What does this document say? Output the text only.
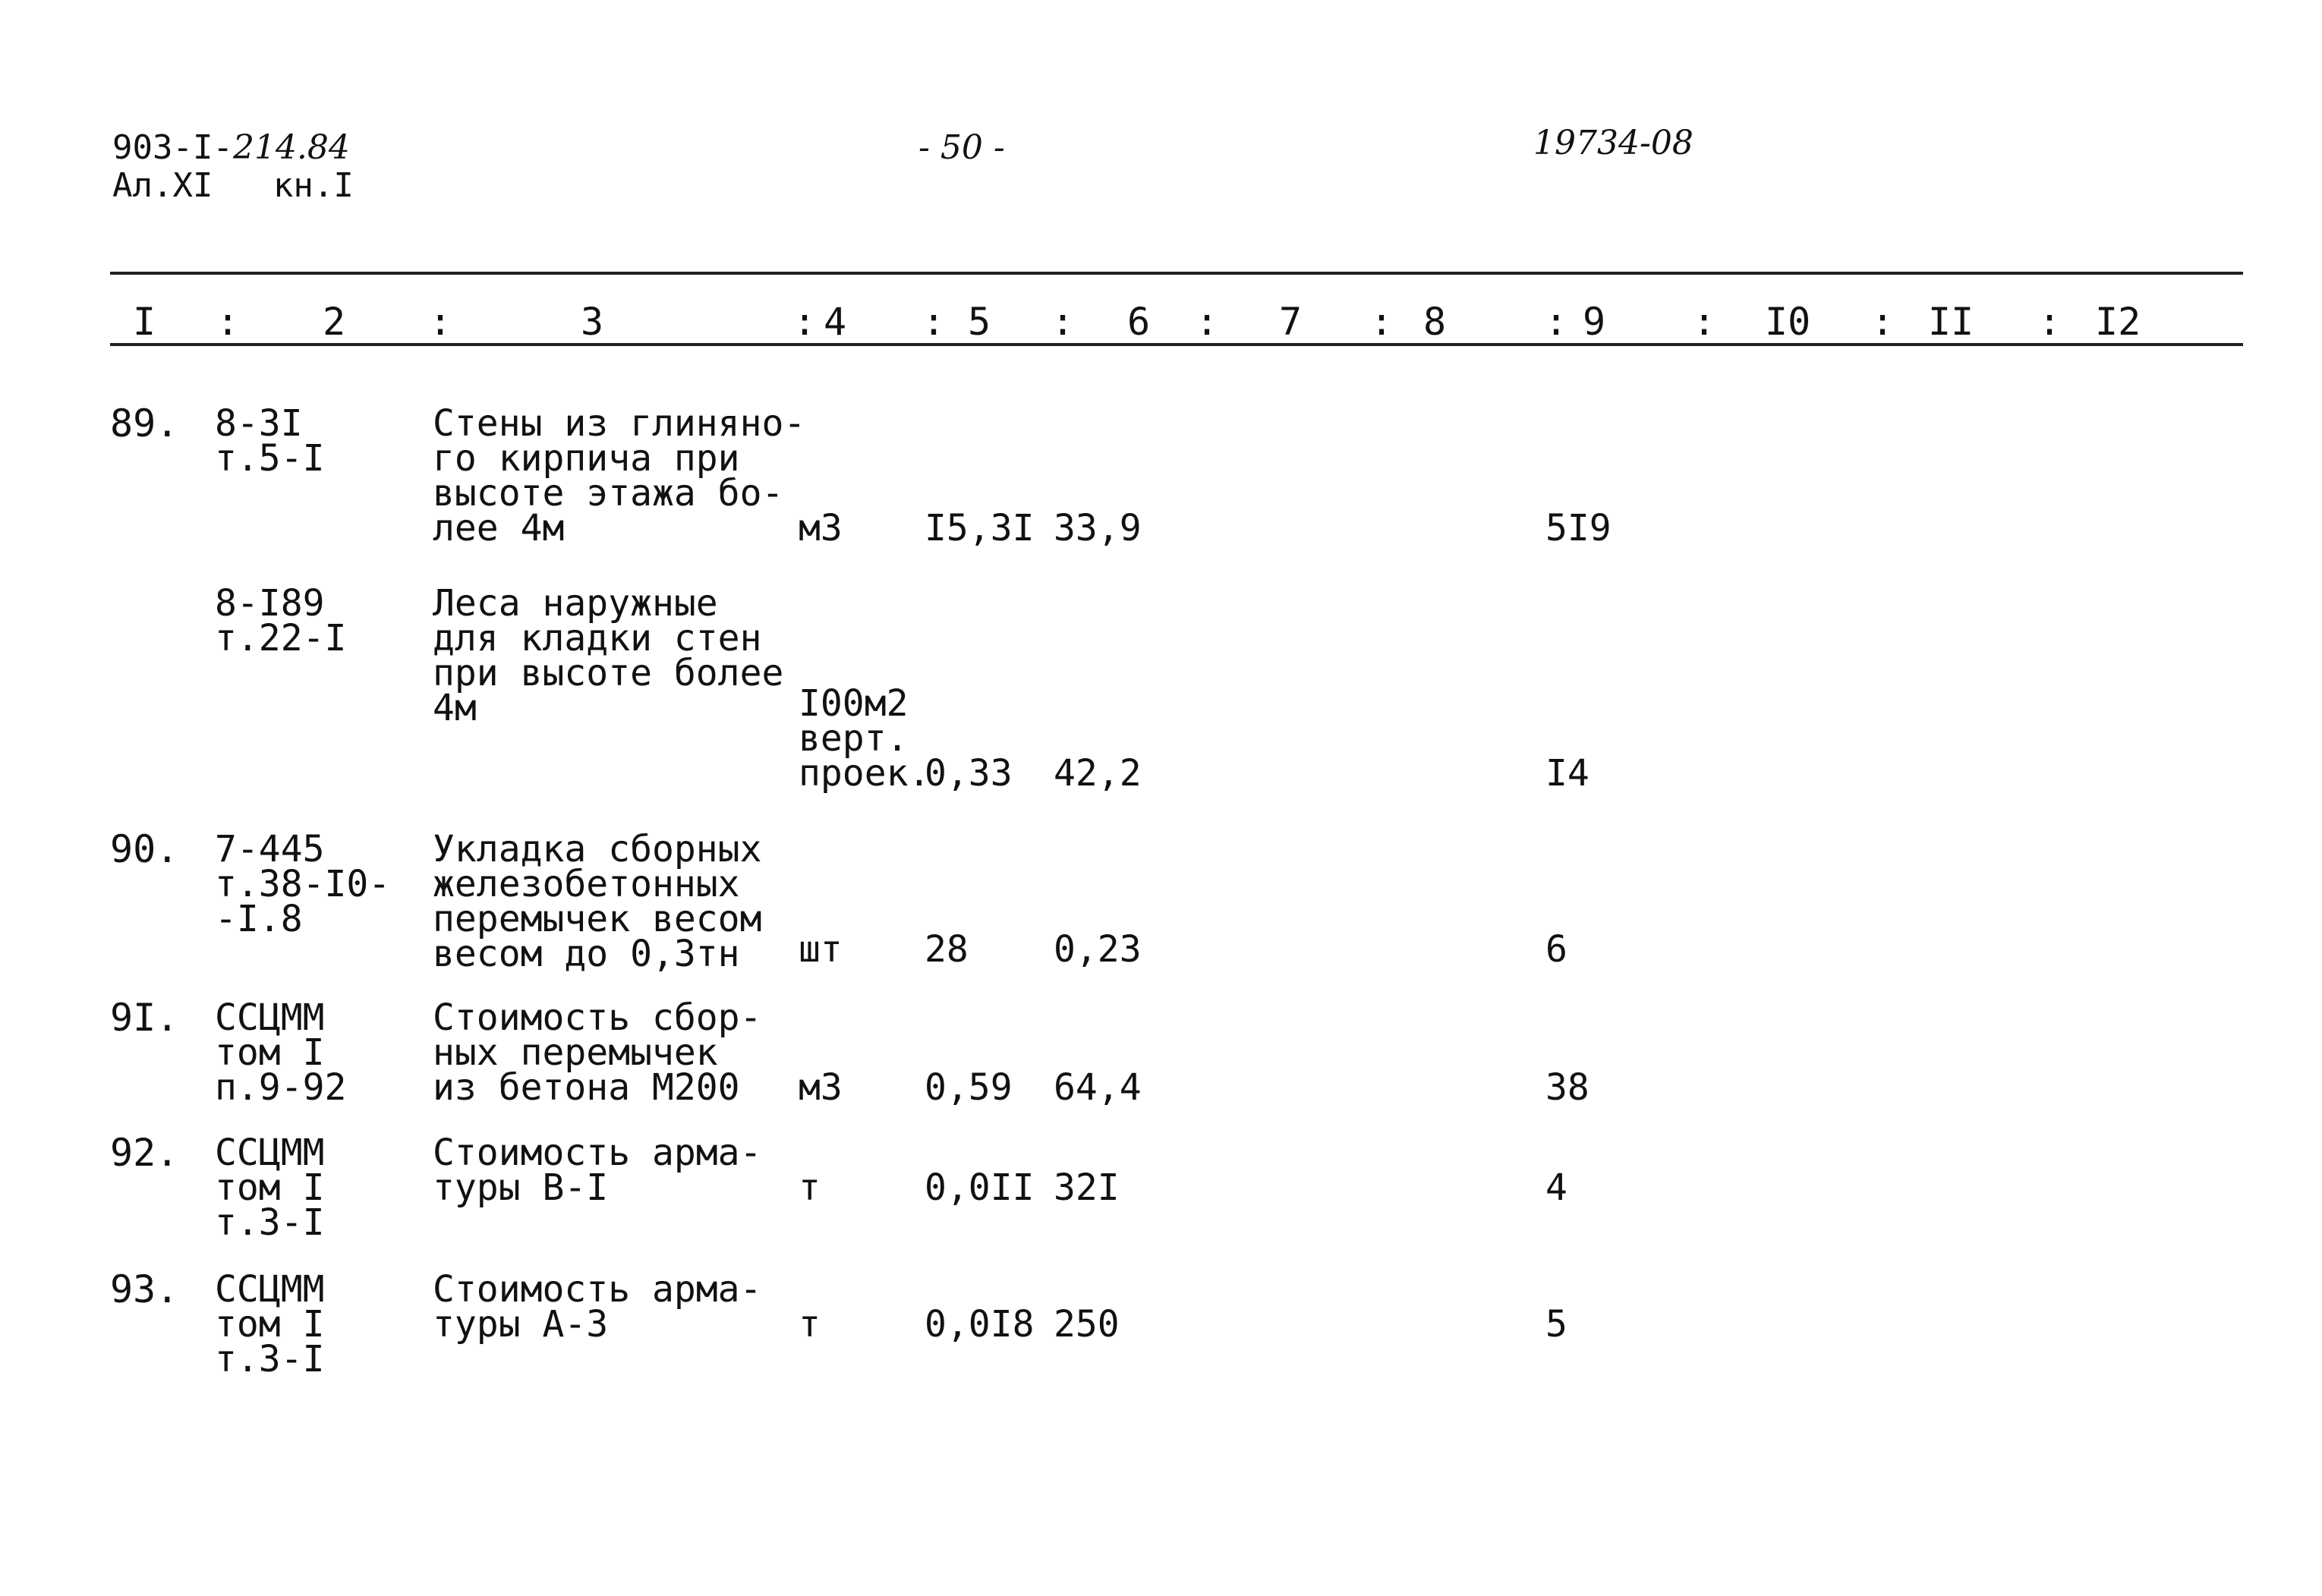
903-I-214.84
Ал.XI   кн.I
- 50 -	19734-08
I : 2 :	3	: 4 : 5 : 6 : 7 : 8	: 9 : I0 : II : I2
89. 8-3I
т.5-I
Стены из глиняно-
го кирпича при
высоте этажа бо-
лее 4м	м3 I5,3I 33,9	5I9
8-I89
т.22-I
Леса наружные
для кладки стен
при высоте более
4м	I00м2
верт.
проек.
0,33 42,2	I4
90. 7-445
т.38-I0-
-I.8
Укладка сборных
железобетонных
перемычек весом
весом до 0,3тн	шт 28 0,23	6
9I. ССЦММ
том I
п.9-92
Стоимость сбор-
ных перемычек
из бетона М200	м3 0,59 64,4	38
92. ССЦММ
том I
т.3-I
Стоимость арма-
туры В-I	т	0,0II 32I	4
93. ССЦММ
том I
т.3-I
Стоимость арма-
туры А-3	т	0,0I8 250	5
